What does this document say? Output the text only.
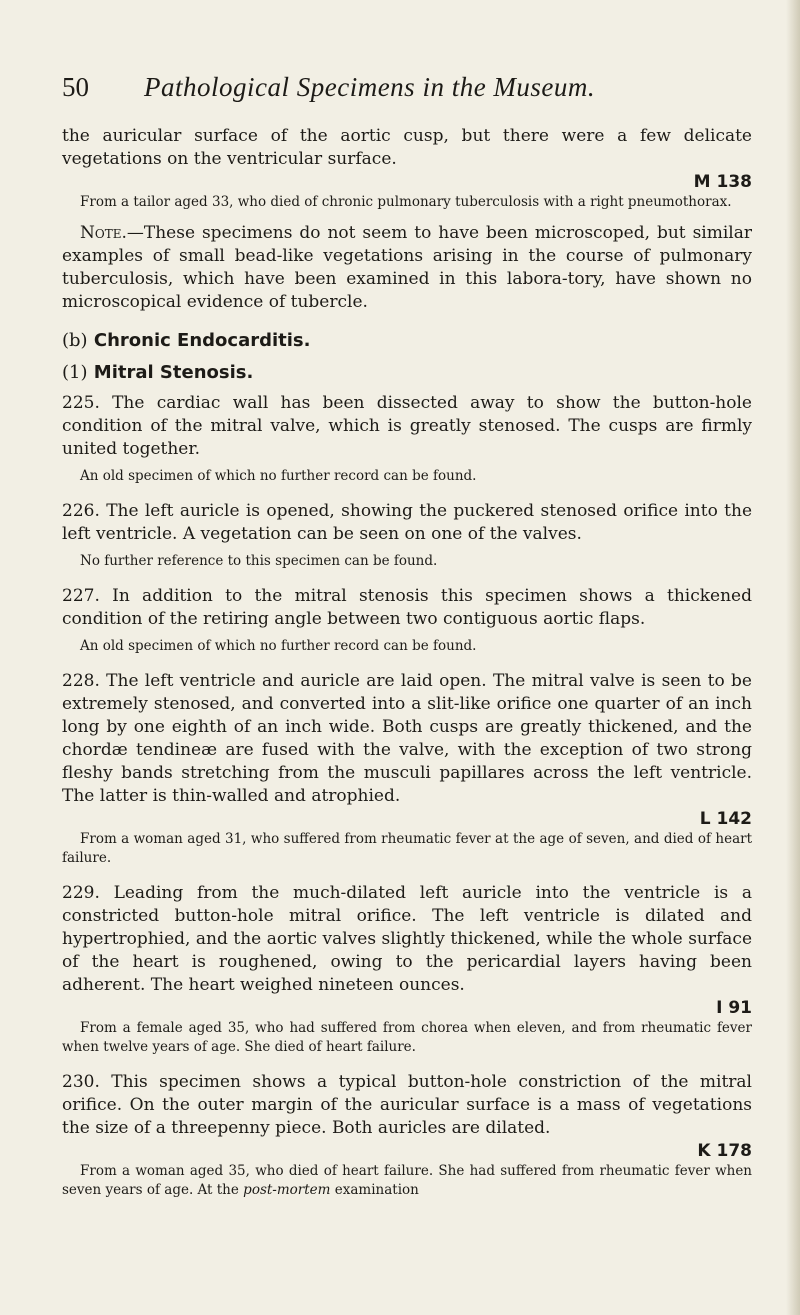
50 Pathological Specimens in the Museum.

the auricular surface of the aortic cusp, but there were a few delicate vegetations on the ventricular surface.

M 138

From a tailor aged 33, who died of chronic pulmonary tuberculosis with a right pneumothorax.

Note.—These specimens do not seem to have been microscoped, but similar examples of small bead-like vegetations arising in the course of pulmonary tuberculosis, which have been examined in this labora-tory, have shown no microscopical evidence of tubercle.

(b) Chronic Endocarditis.
(1) Mitral Stenosis.

225. The cardiac wall has been dissected away to show the button-hole condition of the mitral valve, which is greatly stenosed. The cusps are firmly united together.

An old specimen of which no further record can be found.

226. The left auricle is opened, showing the puckered stenosed orifice into the left ventricle. A vegetation can be seen on one of the valves.

No further reference to this specimen can be found.

227. In addition to the mitral stenosis this specimen shows a thickened condition of the retiring angle between two contiguous aortic flaps.

An old specimen of which no further record can be found.

228. The left ventricle and auricle are laid open. The mitral valve is seen to be extremely stenosed, and converted into a slit-like orifice one quarter of an inch long by one eighth of an inch wide. Both cusps are greatly thickened, and the chordæ tendineæ are fused with the valve, with the exception of two strong fleshy bands stretching from the musculi papillares across the left ventricle. The latter is thin-walled and atrophied.

L 142

From a woman aged 31, who suffered from rheumatic fever at the age of seven, and died of heart failure.

229. Leading from the much-dilated left auricle into the ventricle is a constricted button-hole mitral orifice. The left ventricle is dilated and hypertrophied, and the aortic valves slightly thickened, while the whole surface of the heart is roughened, owing to the pericardial layers having been adherent. The heart weighed nineteen ounces.

I 91

From a female aged 35, who had suffered from chorea when eleven, and from rheumatic fever when twelve years of age. She died of heart failure.

230. This specimen shows a typical button-hole constriction of the mitral orifice. On the outer margin of the auricular surface is a mass of vegetations the size of a threepenny piece. Both auricles are dilated.

K 178

From a woman aged 35, who died of heart failure. She had suffered from rheumatic fever when seven years of age. At the post-mortem examination
